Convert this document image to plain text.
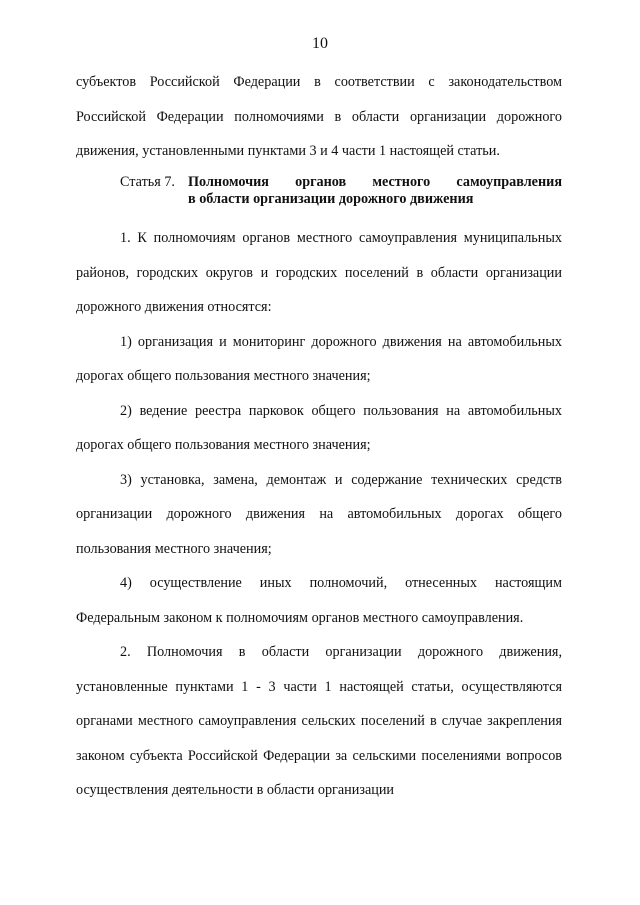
10

субъектов Российской Федерации в соответствии с законодательством Российской Федерации полномочиями в области организации дорожного движения, установленными пунктами 3 и 4 части 1 настоящей статьи.

Статья 7. Полномочия органов местного самоуправления
в области организации дорожного движения

1. К полномочиям органов местного самоуправления муниципальных районов, городских округов и городских поселений в области организации дорожного движения относятся:

1) организация и мониторинг дорожного движения на автомобильных дорогах общего пользования местного значения;

2) ведение реестра парковок общего пользования на автомобильных дорогах общего пользования местного значения;

3) установка, замена, демонтаж и содержание технических средств организации дорожного движения на автомобильных дорогах общего пользования местного значения;

4) осуществление иных полномочий, отнесенных настоящим Федеральным законом к полномочиям органов местного самоуправления.

2. Полномочия в области организации дорожного движения, установленные пунктами 1 - 3 части 1 настоящей статьи, осуществляются органами местного самоуправления сельских поселений в случае закрепления законом субъекта Российской Федерации за сельскими поселениями вопросов осуществления деятельности в области организации
